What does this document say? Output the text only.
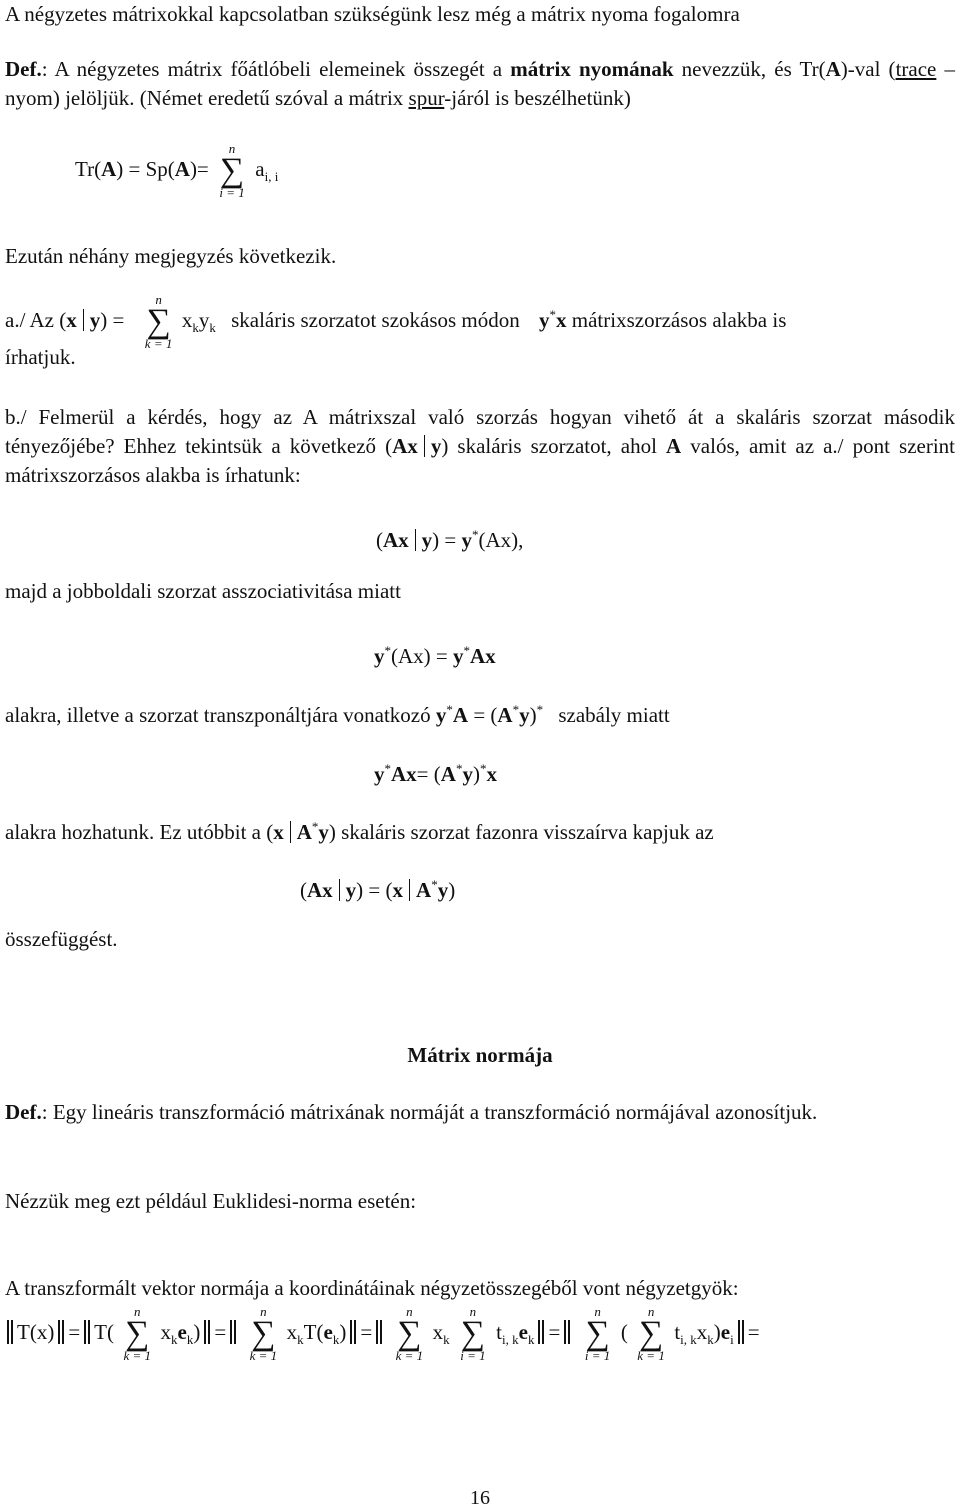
A négyzetes mátrixokkal kapcsolatban szükségünk lesz még a mátrix nyoma fogalomra
Def.: A négyzetes mátrix főátlóbeli elemeinek összegét a mátrix nyomának nevezzük, és Tr(A)-val (trace – nyom) jelöljük. (Német eredetű szóval a mátrix spur-járól is beszélhetünk)
Tr(A) = Sp(A)=
n
∑
i = 1
$a_{i, i}$
Ezután néhány megjegyzés következik.
a./ Az (x y) =
n
∑
k = 1
$x_ky_k$ skaláris szorzatot szokásos módon y*x mátrixszorzásos alakba is
írhatjuk.
b./ Felmerül a kérdés, hogy az A mátrixszal való szorzás hogyan vihető át a skaláris szorzat második tényezőjébe? Ehhez tekintsük a következő (Ax y) skaláris szorzatot, ahol A valós, amit az a./ pont szerint mátrixszorzásos alakba is írhatunk:
(Ax y) = y*(Ax),
majd a jobboldali szorzat asszociativitása miatt
y*(Ax) = y*Ax
alakra, illetve a szorzat transzponáltjára vonatkozó y*A = (A*y)* szabály miatt
y*Ax= (A*y)*x
alakra hozhatunk. Ez utóbbit a (x A*y) skaláris szorzat fazonra visszaírva kapjuk az
(Ax y) = (x A*y)
összefüggést.
Mátrix normája
Def.: Egy lineáris transzformáció mátrixának normáját a transzformáció normájával azonosítjuk.
Nézzük meg ezt például Euklidesi-norma esetén:
A transzformált vektor normája a koordinátáinak négyzetösszegéből vont négyzetgyök:
T(x) = T(
n
∑
k = 1
$x_ke_k$) =
n
∑
k = 1
$x_kT(e_k)$ =
n
∑
k = 1
$x_k$
n
∑
i = 1
$t_{i, k}e_k$ =
n
∑
i = 1
(
n
∑
k = 1
$t_{i, k}x_k)e_i$ =
16
